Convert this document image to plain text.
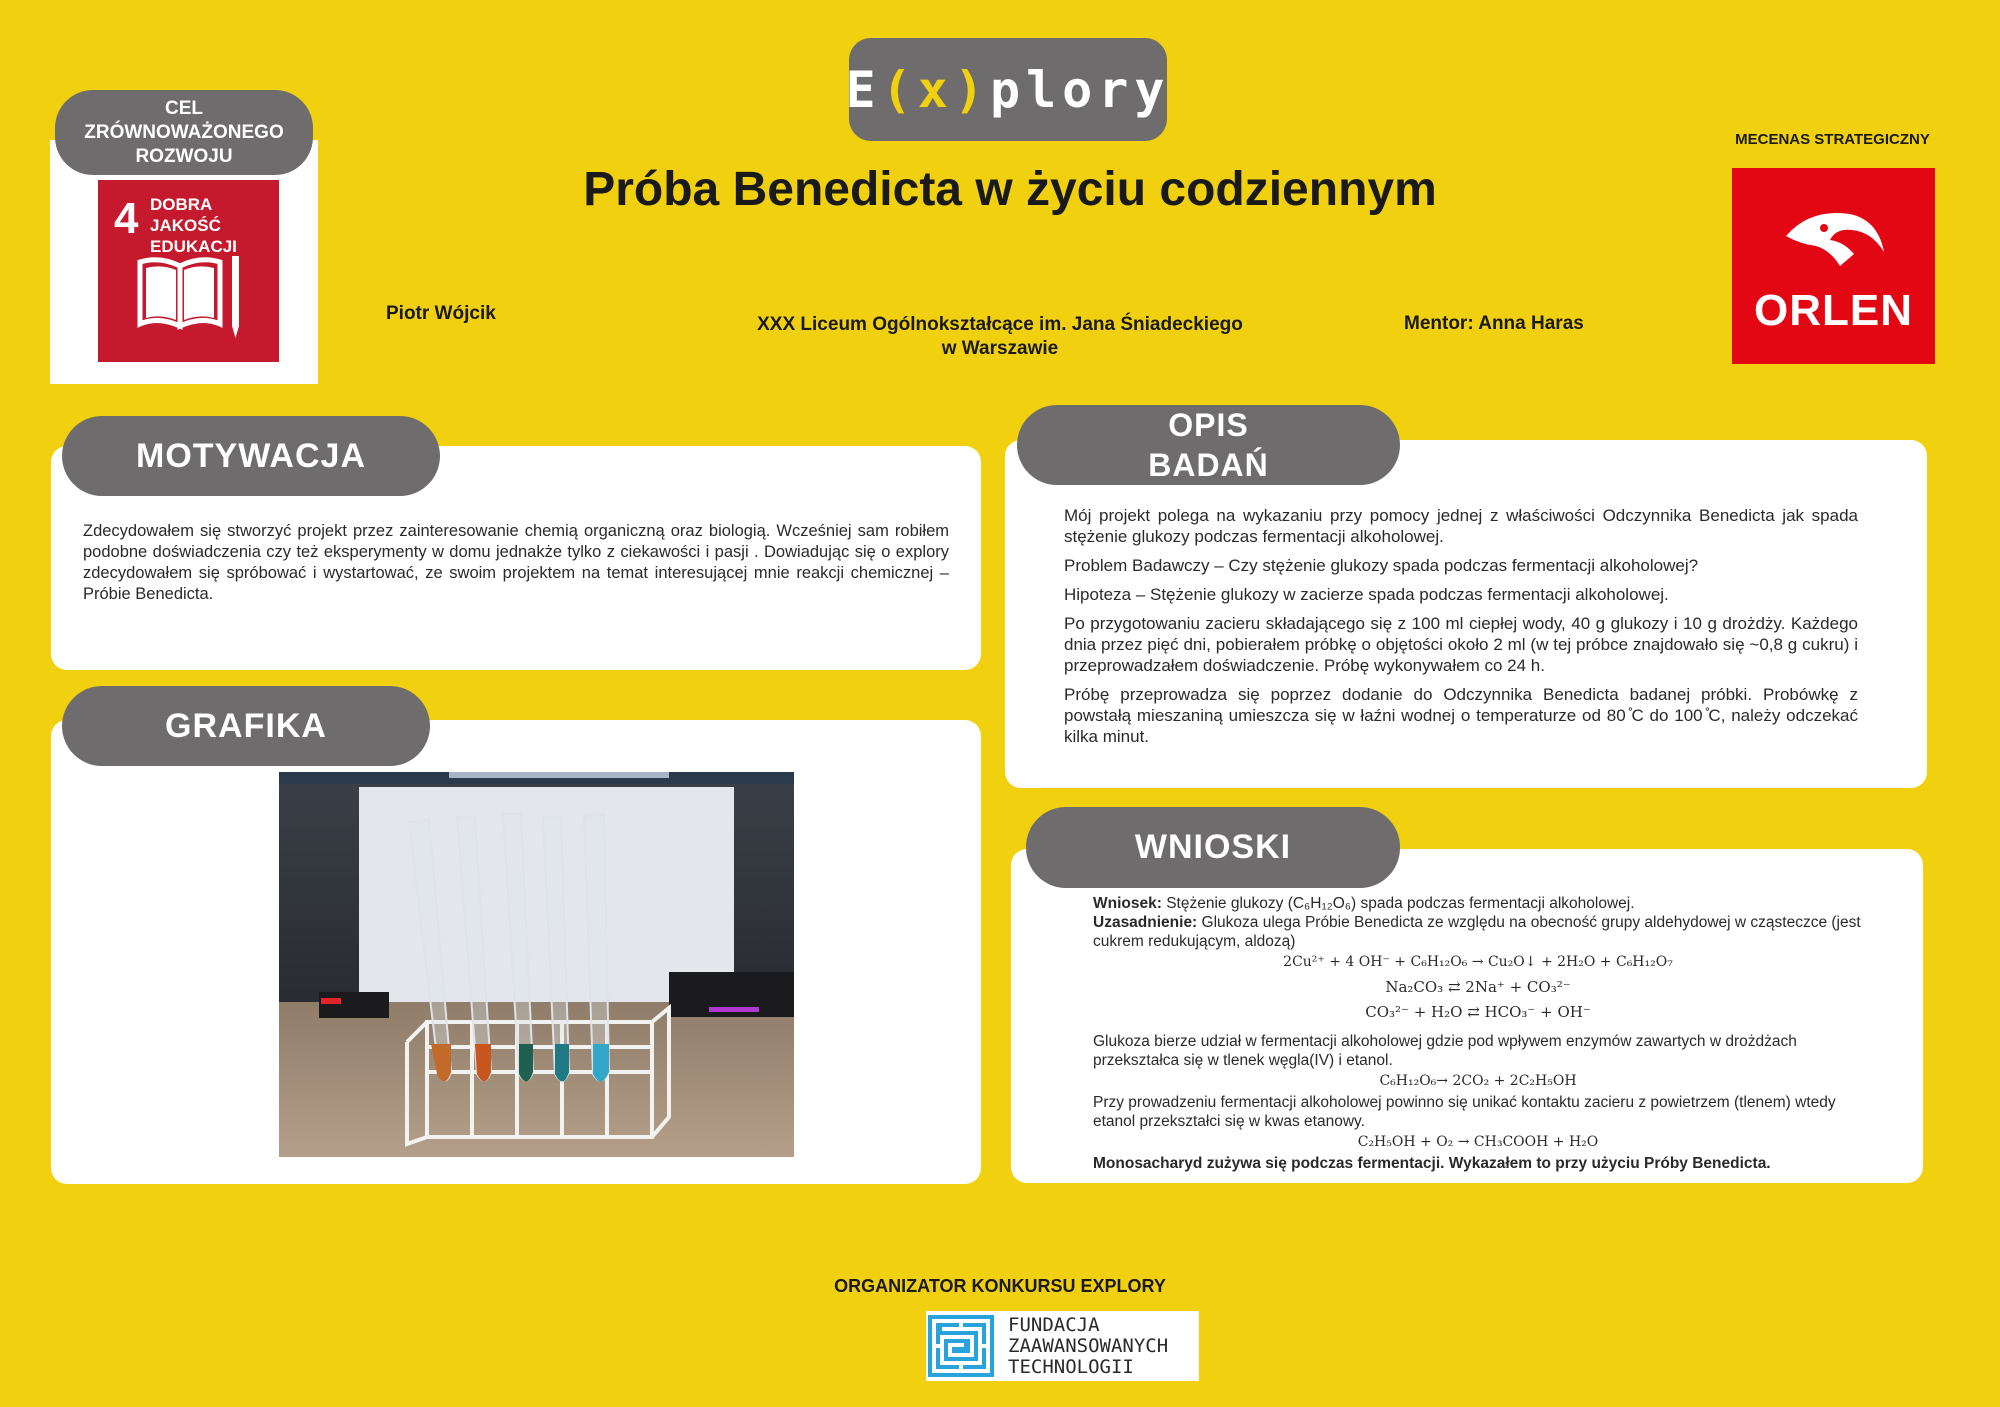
E ( x ) plory
Próba Benedicta w życiu codziennym
CEL
ZRÓWNOWAŻONEGO
ROZWOJU
4 DOBRA JAKOŚĆ
EDUKACJI
MECENAS STRATEGICZNY
ORLEN
Piotr Wójcik
XXX Liceum Ogólnokształcące im. Jana Śniadeckiego
w Warszawie
Mentor: Anna Haras
MOTYWACJA
Zdecydowałem się stworzyć projekt przez zainteresowanie chemią organiczną oraz biologią. Wcześniej sam robiłem podobne doświadczenia czy też eksperymenty w domu jednakże tylko z ciekawości i pasji . Dowiadując się o explory zdecydowałem się spróbować i wystartować, ze swoim projektem na temat interesującej mnie reakcji chemicznej – Próbie Benedicta.
GRAFIKA
OPIS
BADAŃ

Mój projekt polega na wykazaniu przy pomocy jednej z właściwości Odczynnika Benedicta jak spada stężenie glukozy podczas fermentacji alkoholowej.

Problem Badawczy – Czy stężenie glukozy spada podczas fermentacji alkoholowej?

Hipoteza – Stężenie glukozy w zacierze spada podczas fermentacji alkoholowej.

Po przygotowaniu zacieru składającego się z 100 ml ciepłej wody, 40 g glukozy i 10 g drożdży. Każdego dnia przez pięć dni, pobierałem próbkę o objętości około 2 ml (w tej próbce znajdowało się ~0,8 g cukru) i przeprowadzałem doświadczenie. Próbę wykonywałem co 24 h.

Próbę przeprowadza się poprzez dodanie do Odczynnika Benedicta badanej próbki. Probówkę z powstałą mieszaniną umieszcza się w łaźni wodnej o temperaturze od 80 ̊C do 100 ̊C, należy odczekać kilka minut.

WNIOSKI

Wniosek: Stężenie glukozy (C₆H₁₂O₆) spada podczas fermentacji alkoholowej.

Uzasadnienie: Glukoza ulega Próbie Benedicta ze względu na obecność grupy aldehydowej w cząsteczce (jest cukrem redukującym, aldozą)

2Cu²⁺ + 4 OH⁻ + C₆H₁₂O₆ → Cu₂O↓ + 2H₂O + C₆H₁₂O₇

Na₂CO₃ ⇄ 2Na⁺ + CO₃²⁻

CO₃²⁻ + H₂O ⇄ HCO₃⁻ + OH⁻

Glukoza bierze udział w fermentacji alkoholowej gdzie pod wpływem enzymów zawartych w drożdżach przekształca się w tlenek węgla(IV) i etanol.

C₆H₁₂O₆→ 2CO₂ + 2C₂H₅OH

Przy prowadzeniu fermentacji alkoholowej powinno się unikać kontaktu zacieru z powietrzem (tlenem) wtedy etanol przekształci się w kwas etanowy.

C₂H₅OH + O₂ → CH₃COOH + H₂O

Monosacharyd zużywa się podczas fermentacji. Wykazałem to przy użyciu Próby Benedicta.

ORGANIZATOR KONKURSU EXPLORY
FUNDACJA
ZAAWANSOWANYCH
TECHNOLOGII
